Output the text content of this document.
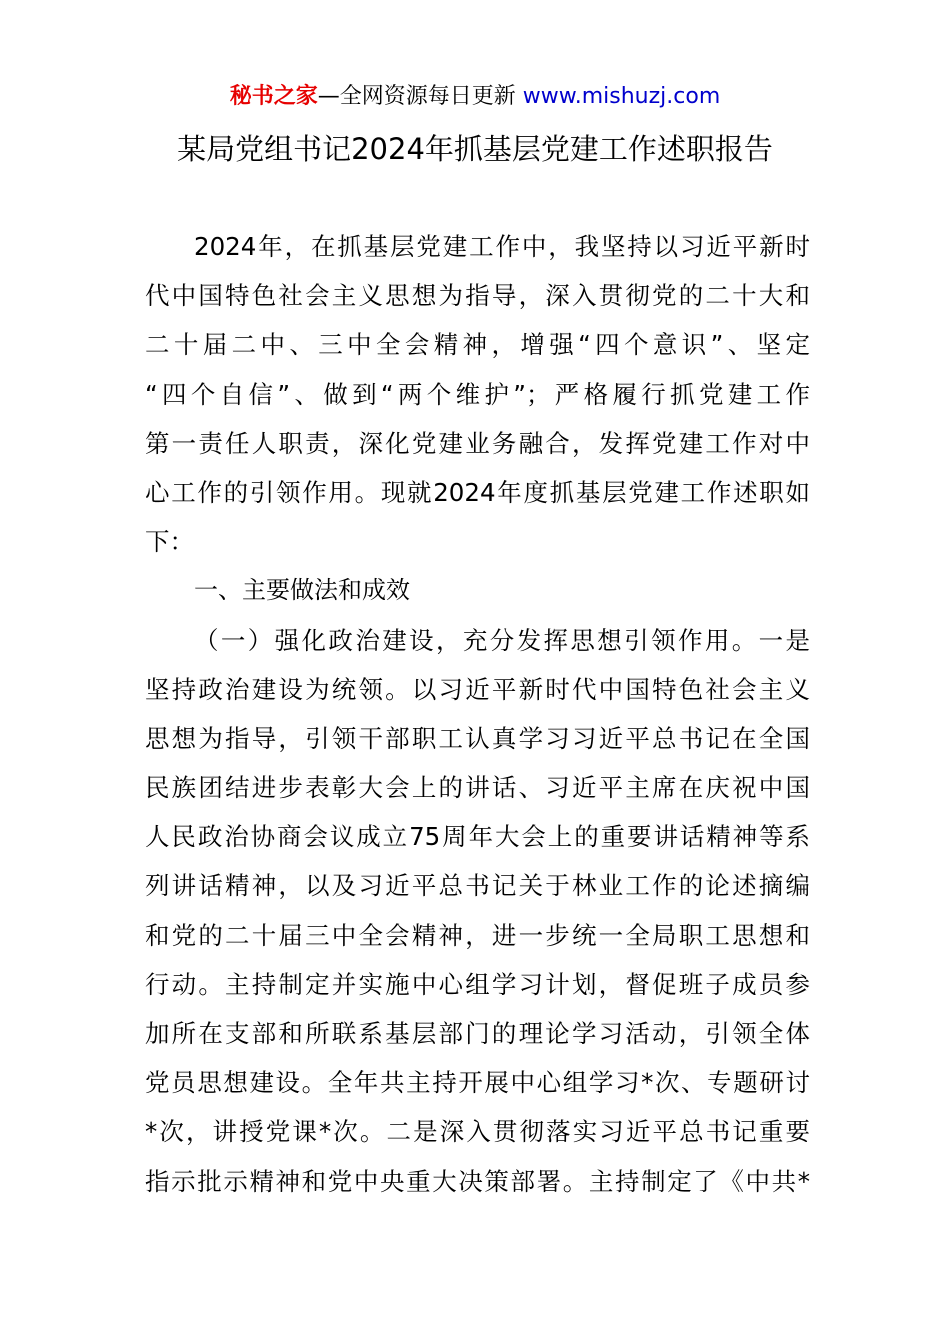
秘书之家—全网资源每日更新 www.mishuzj.com
某局党组书记2024年抓基层党建工作述职报告
2024年，在抓基层党建工作中，我坚持以习近平新时
代中国特色社会主义思想为指导，深入贯彻党的二十大和
二十届二中、三中全会精神，增强“四个意识”、坚定
“四个自信”、做到“两个维护”；严格履行抓党建工作
第一责任人职责，深化党建业务融合，发挥党建工作对中
心工作的引领作用。现就2024年度抓基层党建工作述职如
下：
一、主要做法和成效
（一）强化政治建设，充分发挥思想引领作用。一是
坚持政治建设为统领。以习近平新时代中国特色社会主义
思想为指导，引领干部职工认真学习习近平总书记在全国
民族团结进步表彰大会上的讲话、习近平主席在庆祝中国
人民政治协商会议成立75周年大会上的重要讲话精神等系
列讲话精神，以及习近平总书记关于林业工作的论述摘编
和党的二十届三中全会精神，进一步统一全局职工思想和
行动。主持制定并实施中心组学习计划，督促班子成员参
加所在支部和所联系基层部门的理论学习活动，引领全体
党员思想建设。全年共主持开展中心组学习*次、专题研讨
*次，讲授党课*次。二是深入贯彻落实习近平总书记重要
指示批示精神和党中央重大决策部署。主持制定了《中共*
